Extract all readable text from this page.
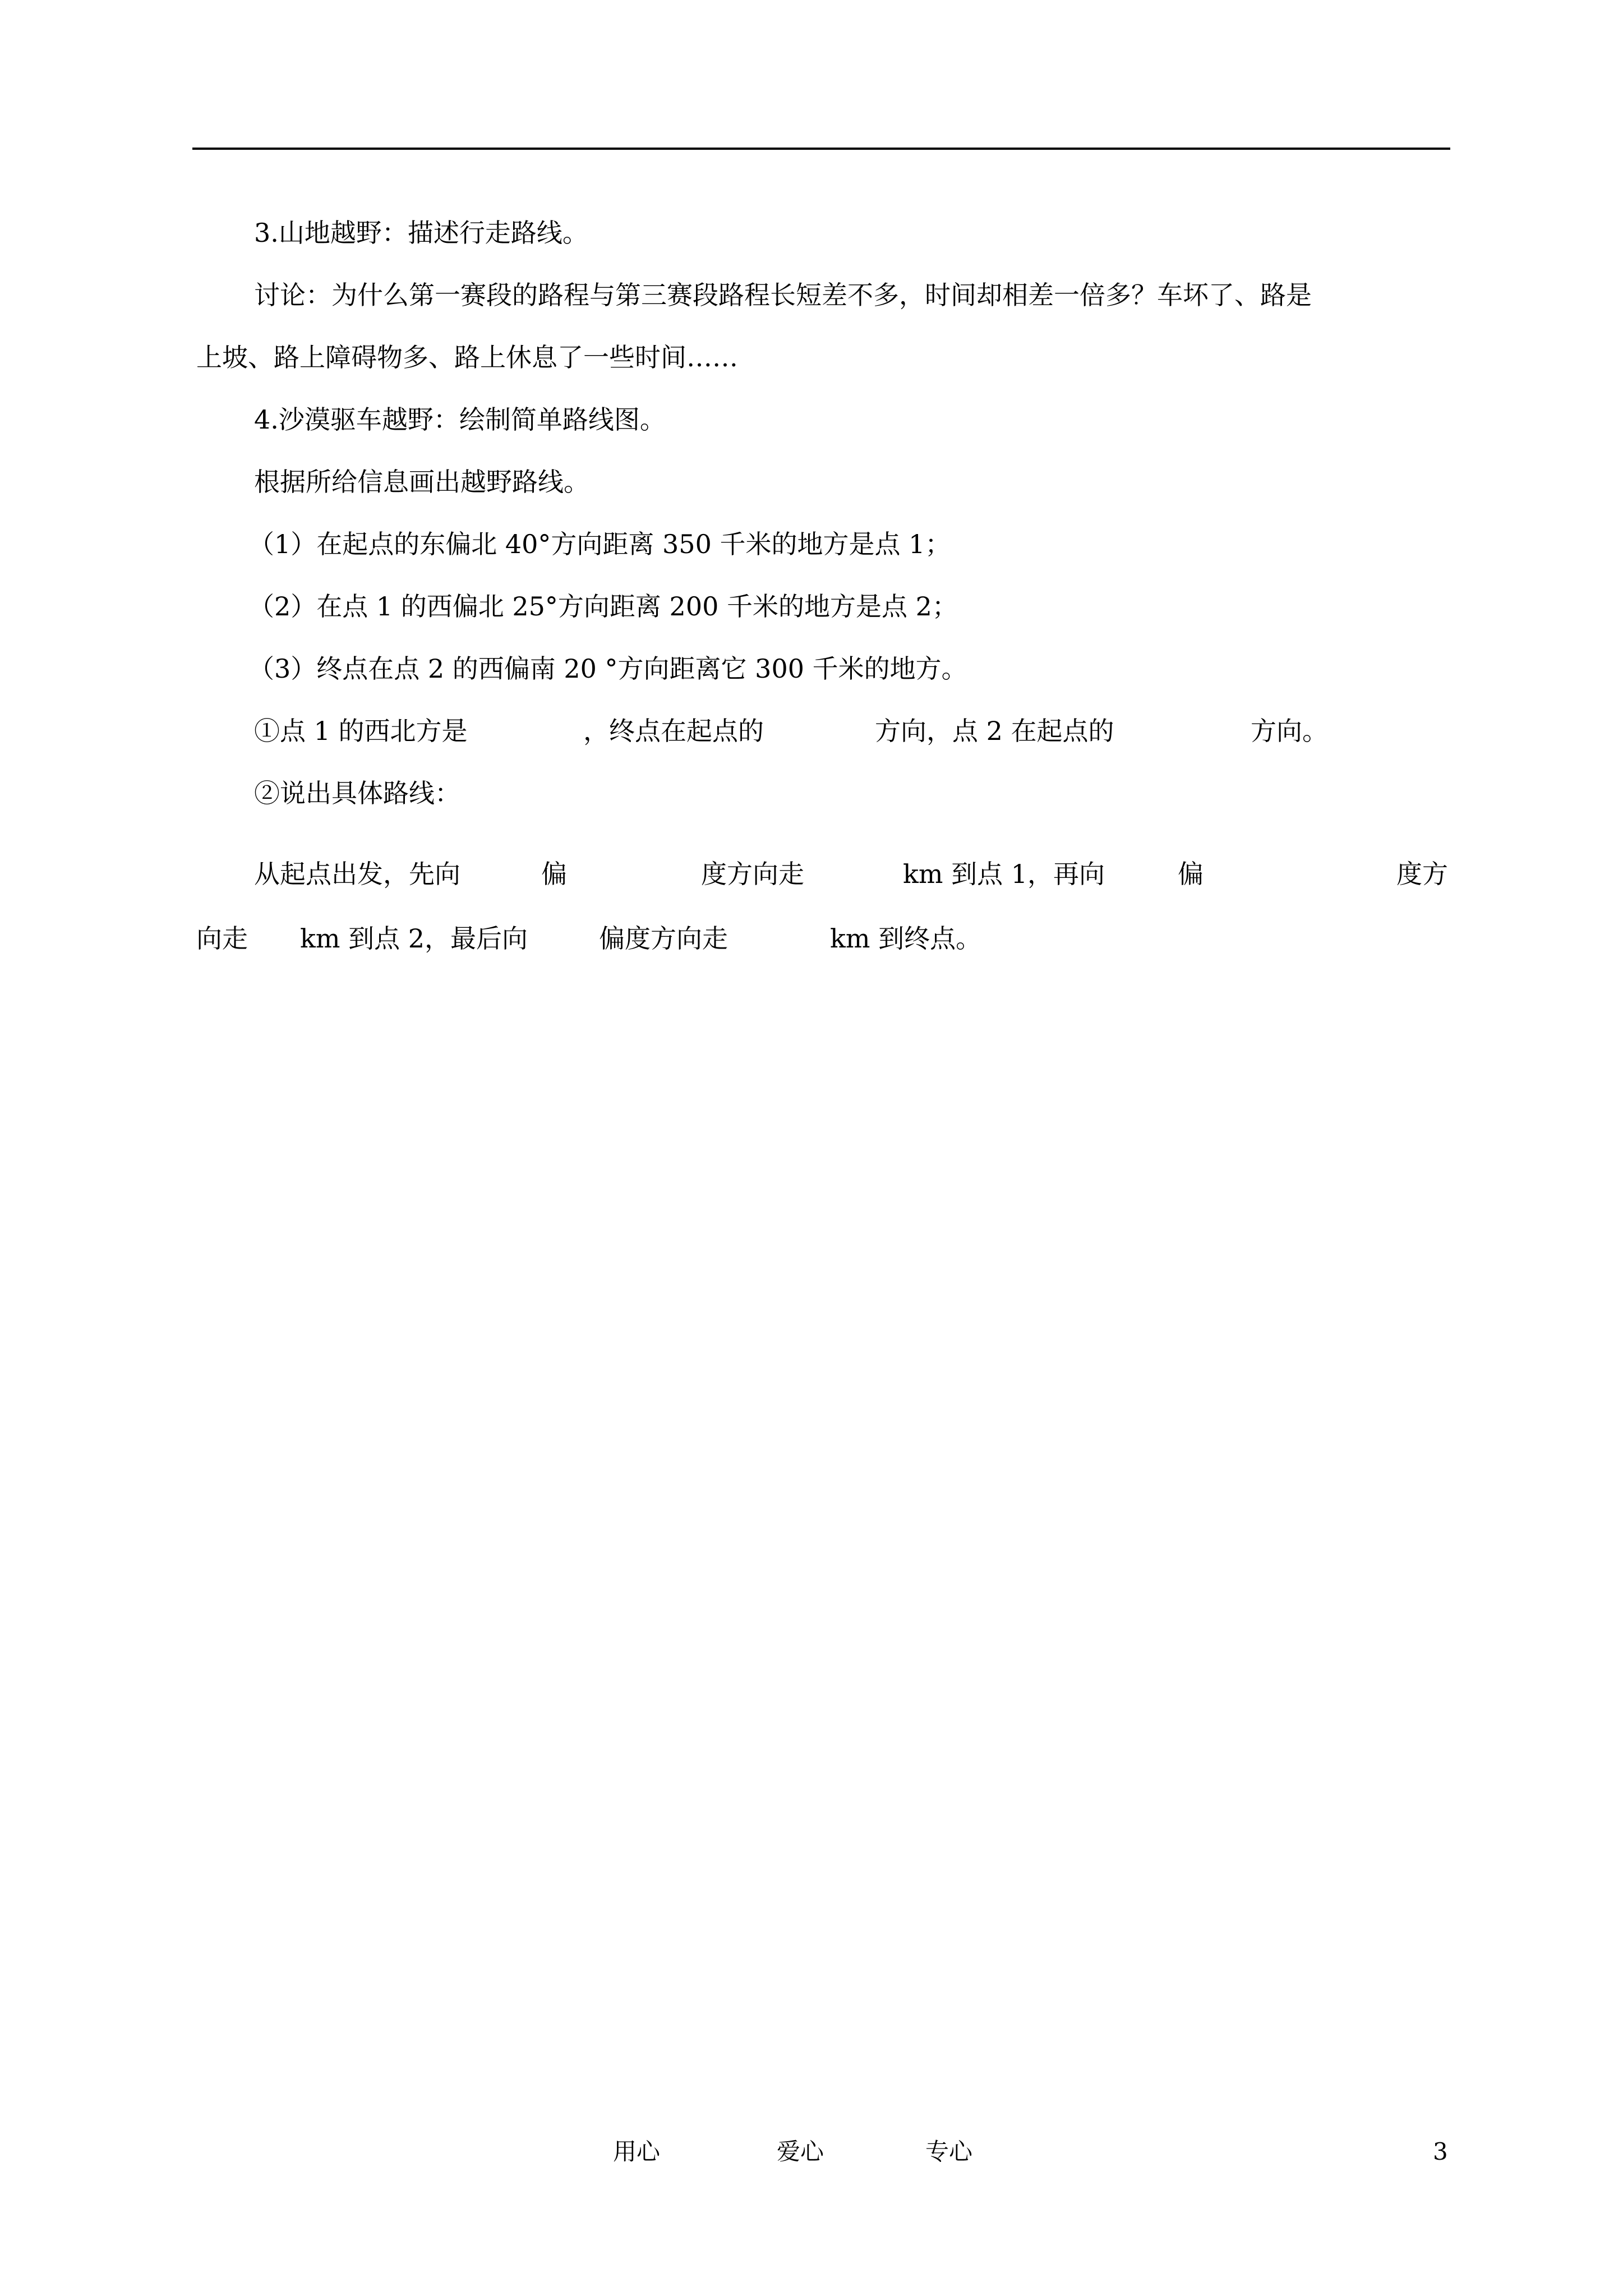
3.山地越野：描述行走路线。
讨论：为什么第一赛段的路程与第三赛段路程长短差不多，时间却相差一倍多？车坏了、路是
上坡、路上障碍物多、路上休息了一些时间……
4.沙漠驱车越野：绘制简单路线图。
根据所给信息画出越野路线。
（1）在起点的东偏北 40°方向距离 350 千米的地方是点 1；
（2）在点 1 的西偏北 25°方向距离 200 千米的地方是点 2；
（3）终点在点 2 的西偏南 20 °方向距离它 300 千米的地方。
①点 1 的西北方是	，终点在起点的	方向，点 2 在起点的	方向。
②说出具体路线：
从起点出发，先向	偏	度方向走	km 到点 1，再向	偏	度方
向走 km 到点 2，最后向	偏度方向走	km 到终点。
用心	爱心	专心	3
